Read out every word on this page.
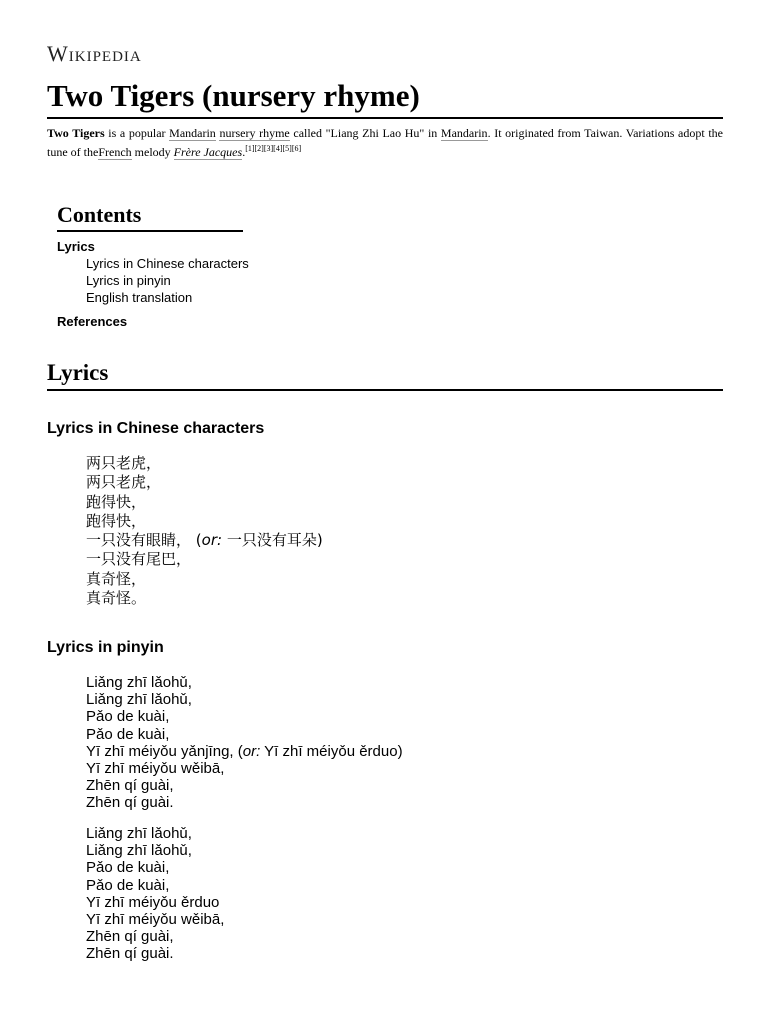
Wikipedia
Two Tigers (nursery rhyme)

Two Tigers is a popular Mandarin nursery rhyme called "Liang Zhi Lao Hu" in Mandarin. It originated from Taiwan. Variations adopt the tune of theFrench melody Frère Jacques.[1][2][3][4][5][6]

Contents
Lyrics
Lyrics in Chinese characters
Lyrics in pinyin
English translation
References
Lyrics
Lyrics in Chinese characters
两只老虎，
两只老虎，
跑得快，
跑得快，
一只没有眼睛， (or: 一只没有耳朵)
一只没有尾巴，
真奇怪，
真奇怪。
Lyrics in pinyin
Liǎng zhī lǎohǔ,
Liǎng zhī lǎohǔ,
Pǎo de kuài,
Pǎo de kuài,
Yī zhī méiyǒu yǎnjīng, (or: Yī zhī méiyǒu ěrduo)
Yī zhī méiyǒu wěibā,
Zhēn qí guài,
Zhēn qí guài.
Liǎng zhī lǎohǔ,
Liǎng zhī lǎohǔ,
Pǎo de kuài,
Pǎo de kuài,
Yī zhī méiyǒu ěrduo
Yī zhī méiyǒu wěibā,
Zhēn qí guài,
Zhēn qí guài.
